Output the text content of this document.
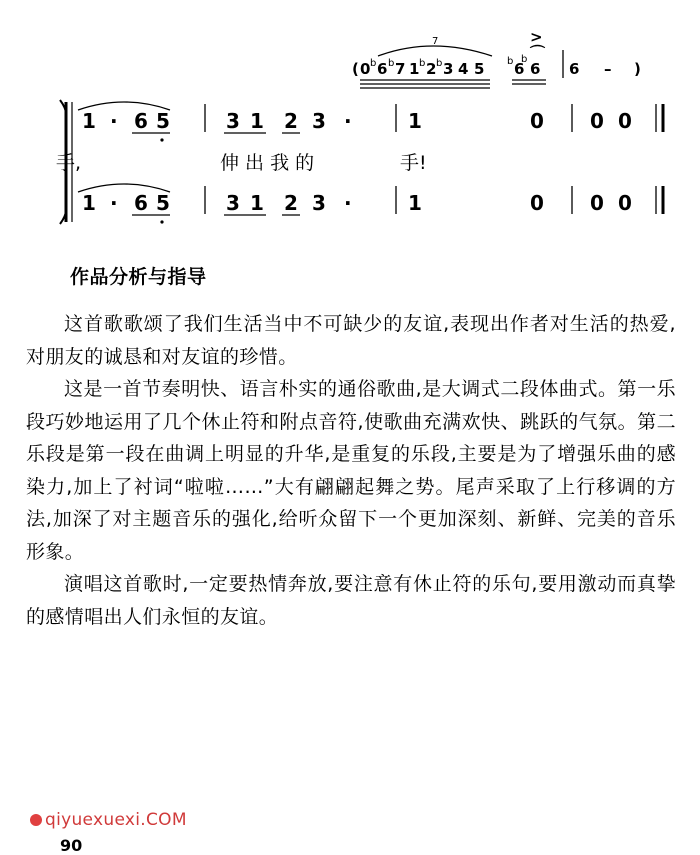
7
( 0 b 6 b 7 1 b 2 b 3 4 5 b 6
b
6
>
⌒
6 – )
1 · 6 5	3 1 2 3 ·	1	0 0 0
手,	伸 出 我 的	手!
1 · 6 5	3 1 2 3 ·	1	0 0 0
作品分析与指导

这首歌歌颂了我们生活当中不可缺少的友谊,表现出作者对生活的热爱,对朋友的诚恳和对友谊的珍惜。

这是一首节奏明快、语言朴实的通俗歌曲,是大调式二段体曲式。第一乐段巧妙地运用了几个休止符和附点音符,使歌曲充满欢快、跳跃的气氛。第二乐段是第一段在曲调上明显的升华,是重复的乐段,主要是为了增强乐曲的感染力,加上了衬词“啦啦……”大有翩翩起舞之势。尾声采取了上行移调的方法,加深了对主题音乐的强化,给听众留下一个更加深刻、新鲜、完美的音乐形象。

演唱这首歌时,一定要热情奔放,要注意有休止符的乐句,要用激动而真挚的感情唱出人们永恒的友谊。

qiyuexuexi.COM
90
